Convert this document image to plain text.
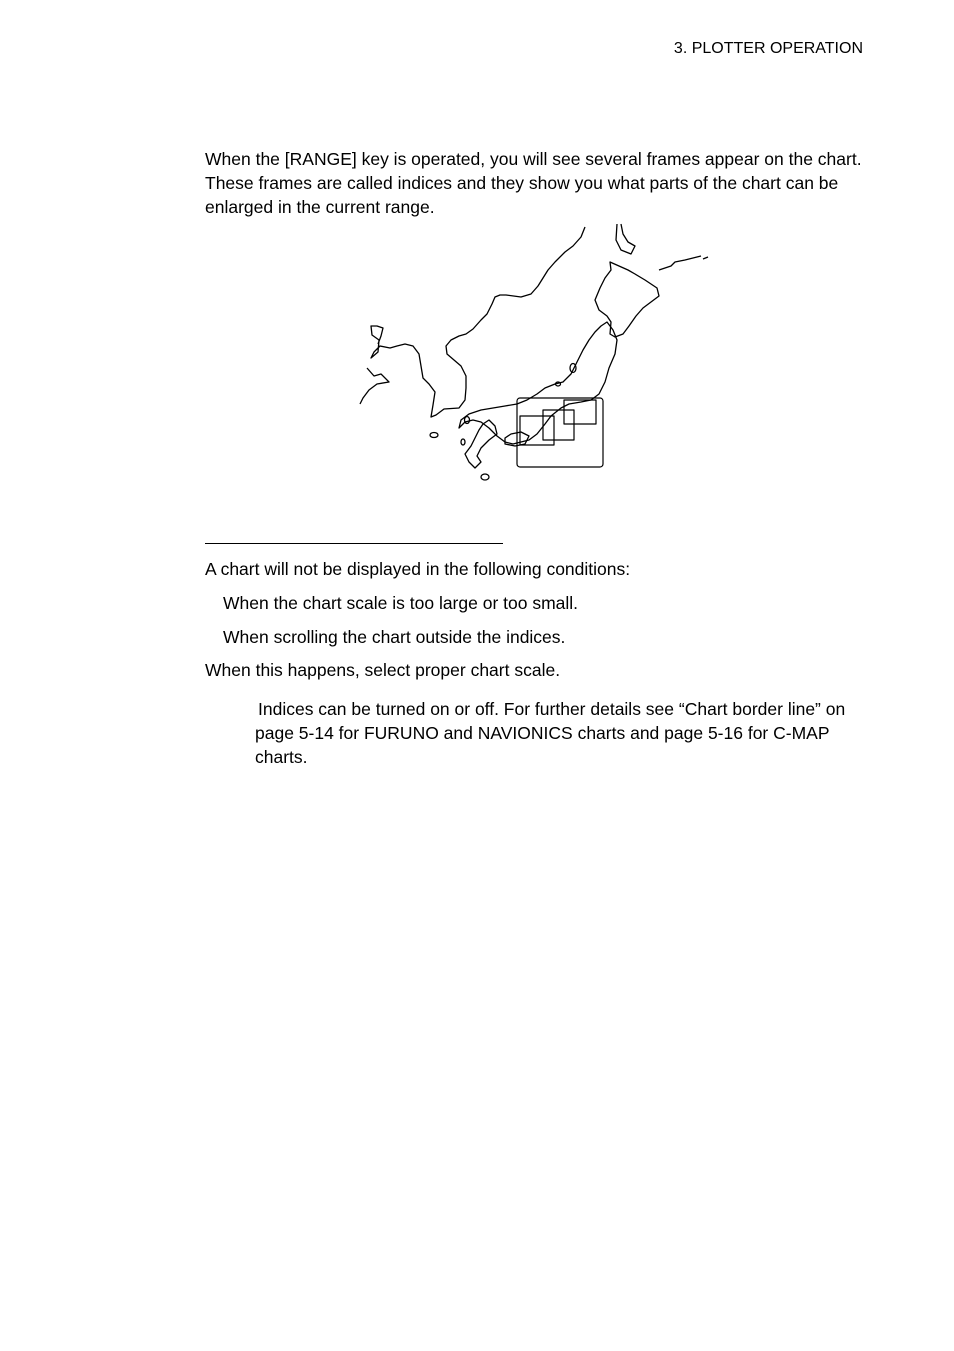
3. PLOTTER OPERATION

When the [RANGE] key is operated, you will see several frames appear on the chart. These frames are called indices and they show you what parts of the chart can be enlarged in the current range.

A chart will not be displayed in the following conditions:

When the chart scale is too large or too small.

When scrolling the chart outside the indices.

When this happens, select proper chart scale.

Indices can be turned on or off. For further details see “Chart border line” on page 5-14 for FURUNO and NAVIONICS charts and page 5-16 for C-MAP charts.
